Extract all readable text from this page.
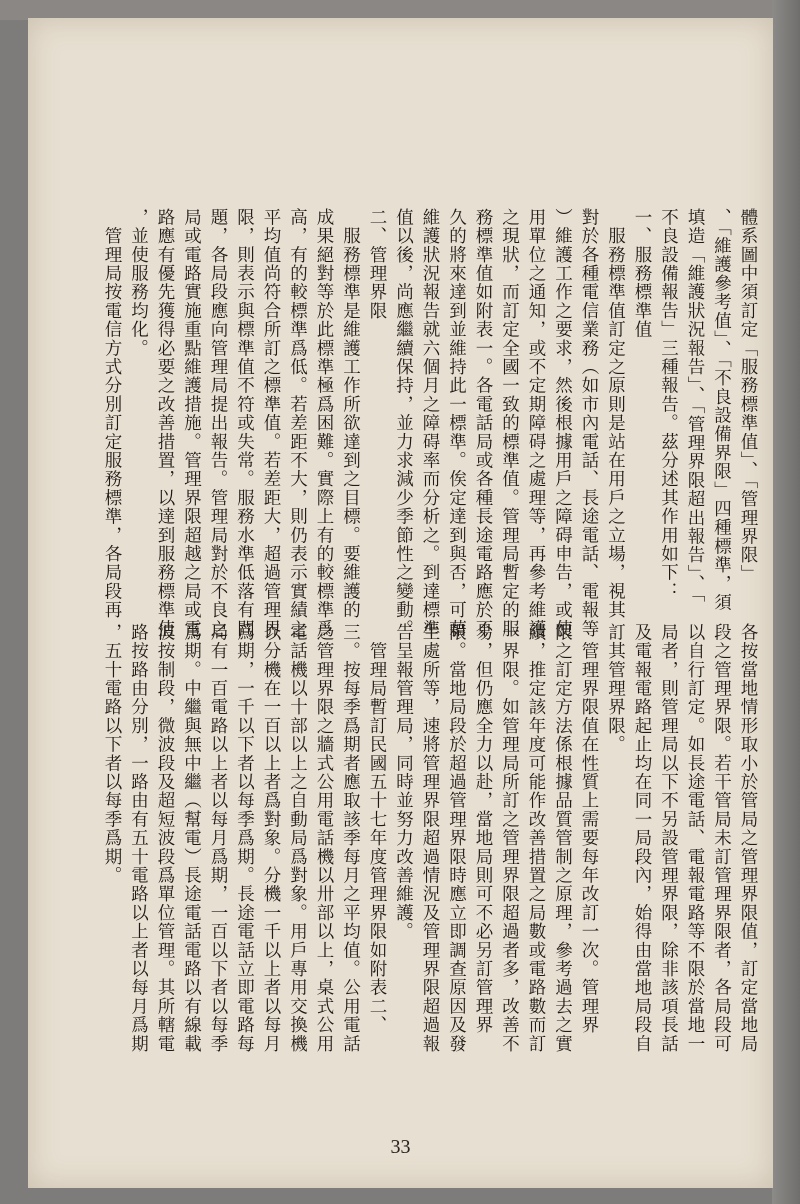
體系圖中須訂定「服務標準值」、「管理界限」
、「維護參考值」、「不良設備界限」四種標準，須
填造「維護狀況報告」、「管理界限超出報告」、「
不良設備報告」三種報告。茲分述其作用如下：
一、服務標準值
　服務標準值訂定之原則是站在用戶之立場，視其
對於各種電信業務（如市內電話、長途電話、電報等
）維護工作之要求，然後根據用戶之障碍申告，或使
用單位之通知，或不定期障碍之處理等，再參考維護
之現狀，而訂定全國一致的標準值。管理局暫定的服
務標準值如附表一。各電話局或各種長途電路應於不
久的將來達到並維持此一標準。俟定達到與否，可藉
維護狀況報告就六個月之障碍率而分析之。到達標準
值以後，尚應繼續保持，並力求減少季節性之變動。
二、管理界限
　服務標準是維護工作所欲達到之目標。要維護的
成果絕對等於此標準極爲困難。實際上有的較標準爲
高，有的較標準爲低。若差距不大，則仍表示實績之
平均值尚符合所訂之標準值。若差距大，超過管理界
限，則表示與標準值不符或失常。服務水準低落有問
題，各局段應向管理局提出報告。管理局對於不良之
局或電路實施重點維護措施。管理界限超越之局或電
路應有優先獲得必要之改善措置，以達到服務標準值
，並使服務均化。
　管理局按電信方式分別訂定服務標準，各局段再
各按當地情形取小於管局之管理界限值，訂定當地局
段之管理界限。若干管局未訂管理界限者，各局段可
以自行訂定。如長途電話、電報電路等不限於當地一
局者，則管理局以下不另設管理界限，除非該項長話
及電報電路起止均在同一局段內，始得由當地局段自
訂其管理界限。
　管理界限值在性質上需要每年改訂一次。管理界
限之訂定方法係根據品質管制之原理，參考過去之實
績，推定該年度可能作改善措置之局數或電路數而訂
一界限。如管理局所訂之管理界限超過者多，改善不
易，但仍應全力以赴，當地局則可不必另訂管理界
限。當地局段於超過管理界限時應立即調查原因及發
生處所等，速將管理界限超過情況及管理界限超過報
告呈報管理局，同時並努力改善維護。
　管理局暫訂民國五十七年度管理界限如附表二、
三。按每季爲期者應取該季每月之平均值。公用電話
之管理界限之牆式公用電話機以卅部以上，桌式公用
電話機以十部以上之自動局爲對象。用戶專用交換機
以分機在一百以上者爲對象。分機一千以上者以每月
爲期，一千以下者以每季爲期。長途電話立即電路每
局有一百電路以上者以每月爲期，一百以下者以每季
爲期。中繼與無中繼（幫電）長途電話電路以有線載
波按制段，微波段及超短波段爲單位管理。其所轄電
路按路由分別，一路由有五十電路以上者以每月爲期
，五十電路以下者以每季爲期。
33
